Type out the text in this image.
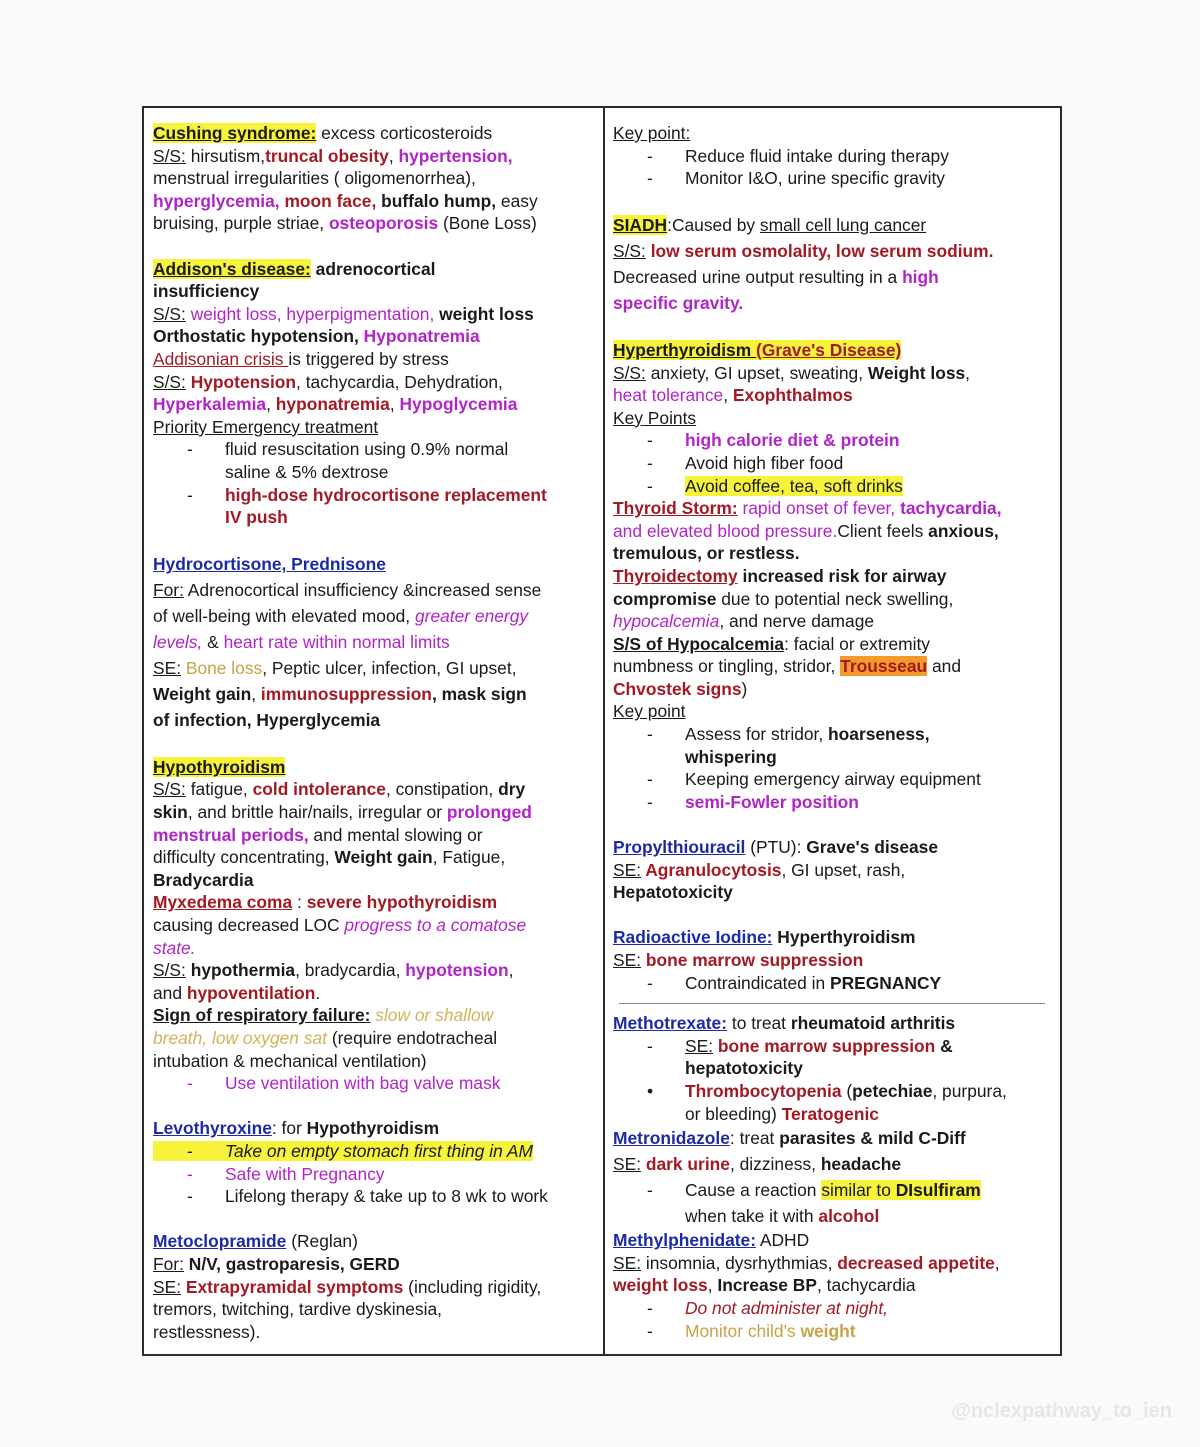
Cushing syndrome: excess corticosteroids
S/S: hirsutism,truncal obesity, hypertension,
menstrual irregularities ( oligomenorrhea),
hyperglycemia, moon face, buffalo hump, easy
bruising, purple striae, osteoporosis (Bone Loss)
Addison's disease: adrenocortical
insufficiency
S/S: weight loss, hyperpigmentation, weight loss
Orthostatic hypotension, Hyponatremia
Addisonian crisis is triggered by stress
S/S: Hypotension, tachycardia, Dehydration,
Hyperkalemia, hyponatremia, Hypoglycemia
Priority Emergency treatment
- fluid resuscitation using 0.9% normal
saline & 5% dextrose
- high-dose hydrocortisone replacement
IV push
Hydrocortisone, Prednisone
For: Adrenocortical insufficiency &increased sense
of well-being with elevated mood, greater energy
levels, & heart rate within normal limits
SE: Bone loss, Peptic ulcer, infection, GI upset,
Weight gain, immunosuppression, mask sign
of infection, Hyperglycemia
Hypothyroidism
S/S: fatigue, cold intolerance, constipation, dry
skin, and brittle hair/nails, irregular or prolonged
menstrual periods, and mental slowing or
difficulty concentrating, Weight gain, Fatigue,
Bradycardia
Myxedema coma : severe hypothyroidism
causing decreased LOC progress to a comatose
state.
S/S: hypothermia, bradycardia, hypotension,
and hypoventilation.
Sign of respiratory failure: slow or shallow
breath, low oxygen sat (require endotracheal
intubation & mechanical ventilation)
- Use ventilation with bag valve mask
Levothyroxine: for Hypothyroidism
- Take on empty stomach first thing in AM
- Safe with Pregnancy
- Lifelong therapy & take up to 8 wk to work
Metoclopramide (Reglan)
For: N/V, gastroparesis, GERD
SE: Extrapyramidal symptoms (including rigidity,
tremors, twitching, tardive dyskinesia,
restlessness).
Key point:
- Reduce fluid intake during therapy
- Monitor I&O, urine specific gravity
SIADH:Caused by small cell lung cancer
S/S: low serum osmolality, low serum sodium.
Decreased urine output resulting in a high
specific gravity.
Hyperthyroidism (Grave's Disease)
S/S: anxiety, GI upset, sweating, Weight loss,
heat tolerance, Exophthalmos
Key Points
- high calorie diet & protein
- Avoid high fiber food
- Avoid coffee, tea, soft drinks
Thyroid Storm: rapid onset of fever, tachycardia,
and elevated blood pressure.Client feels anxious,
tremulous, or restless.
Thyroidectomy increased risk for airway
compromise due to potential neck swelling,
hypocalcemia, and nerve damage
S/S of Hypocalcemia: facial or extremity
numbness or tingling, stridor, Trousseau and
Chvostek signs)
Key point
- Assess for stridor, hoarseness,
whispering
- Keeping emergency airway equipment
- semi-Fowler position
Propylthiouracil (PTU): Grave's disease
SE: Agranulocytosis, GI upset, rash,
Hepatotoxicity
Radioactive Iodine: Hyperthyroidism
SE: bone marrow suppression
- Contraindicated in PREGNANCY
Methotrexate: to treat rheumatoid arthritis
- SE: bone marrow suppression &
hepatotoxicity
• Thrombocytopenia (petechiae, purpura,
or bleeding) Teratogenic
Metronidazole: treat parasites & mild C-Diff
SE: dark urine, dizziness, headache
- Cause a reaction similar to DIsulfiram
when take it with alcohol
Methylphenidate: ADHD
SE: insomnia, dysrhythmias, decreased appetite,
weight loss, Increase BP, tachycardia
- Do not administer at night,
- Monitor child's weight
@nclexpathway_to_ien
